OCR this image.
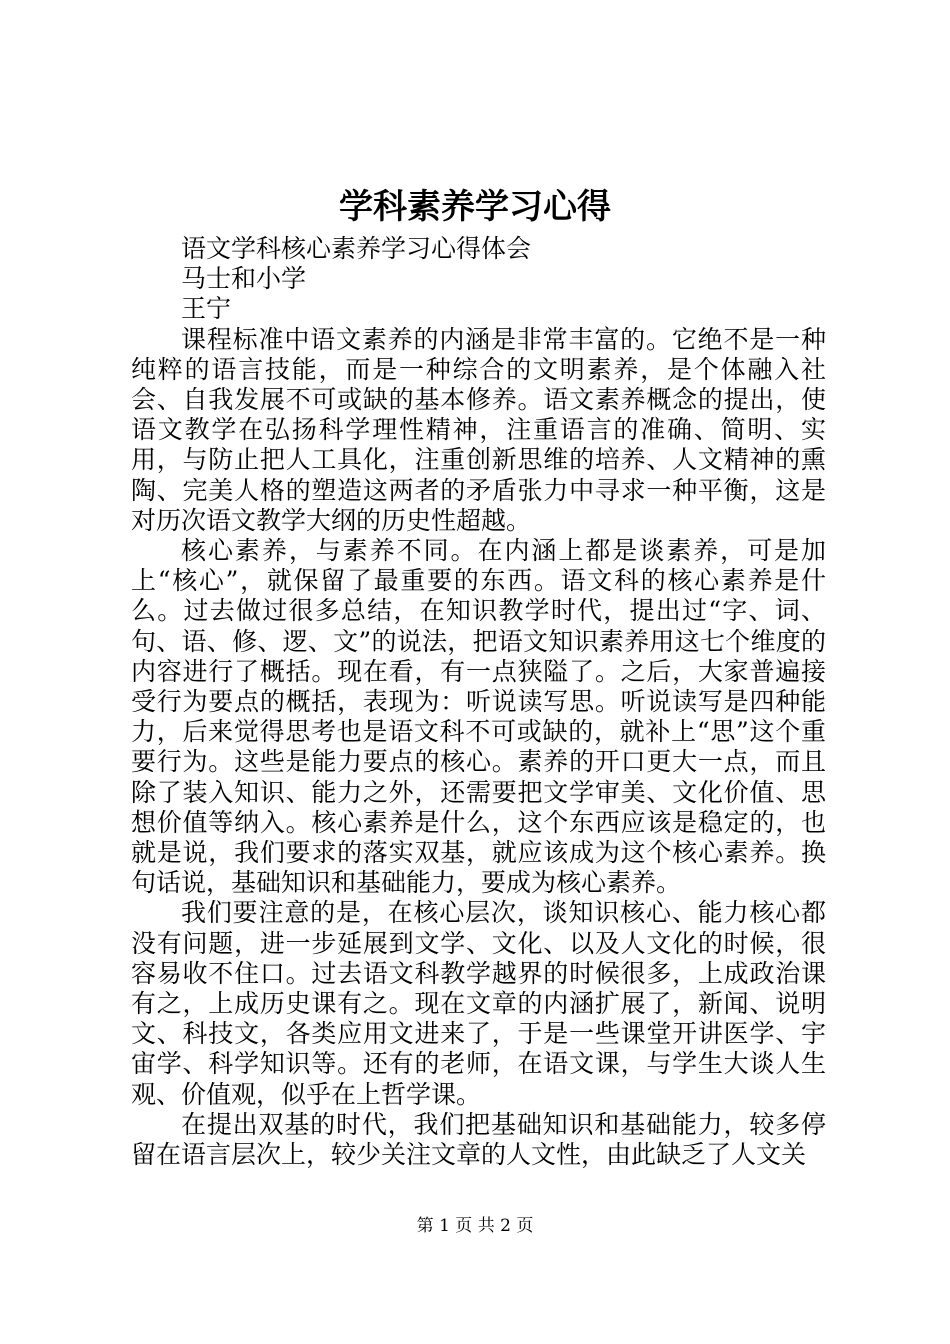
学科素养学习心得

语文学科核心素养学习心得体会

马士和小学

王宁

课程标准中语文素养的内涵是非常丰富的。它绝不是一种纯粹的语言技能，而是一种综合的文明素养，是个体融入社会、自我发展不可或缺的基本修养。语文素养概念的提出，使语文教学在弘扬科学理性精神，注重语言的准确、简明、实用，与防止把人工具化，注重创新思维的培养、人文精神的熏陶、完美人格的塑造这两者的矛盾张力中寻求一种平衡，这是对历次语文教学大纲的历史性超越。

核心素养，与素养不同。在内涵上都是谈素养，可是加上“核心”，就保留了最重要的东西。语文科的核心素养是什么。过去做过很多总结，在知识教学时代，提出过“字、词、句、语、修、逻、文”的说法，把语文知识素养用这七个维度的内容进行了概括。现在看，有一点狭隘了。之后，大家普遍接受行为要点的概括，表现为：听说读写思。听说读写是四种能力，后来觉得思考也是语文科不可或缺的，就补上“思”这个重要行为。这些是能力要点的核心。素养的开口更大一点，而且除了装入知识、能力之外，还需要把文学审美、文化价值、思想价值等纳入。核心素养是什么，这个东西应该是稳定的，也就是说，我们要求的落实双基，就应该成为这个核心素养。换句话说，基础知识和基础能力，要成为核心素养。

我们要注意的是，在核心层次，谈知识核心、能力核心都没有问题，进一步延展到文学、文化、以及人文化的时候，很容易收不住口。过去语文科教学越界的时候很多，上成政治课有之，上成历史课有之。现在文章的内涵扩展了，新闻、说明文、科技文，各类应用文进来了，于是一些课堂开讲医学、宇宙学、科学知识等。还有的老师，在语文课，与学生大谈人生观、价值观，似乎在上哲学课。

在提出双基的时代，我们把基础知识和基础能力，较多停留在语言层次上，较少关注文章的人文性，由此缺乏了人文关

第 1 页 共 2 页
